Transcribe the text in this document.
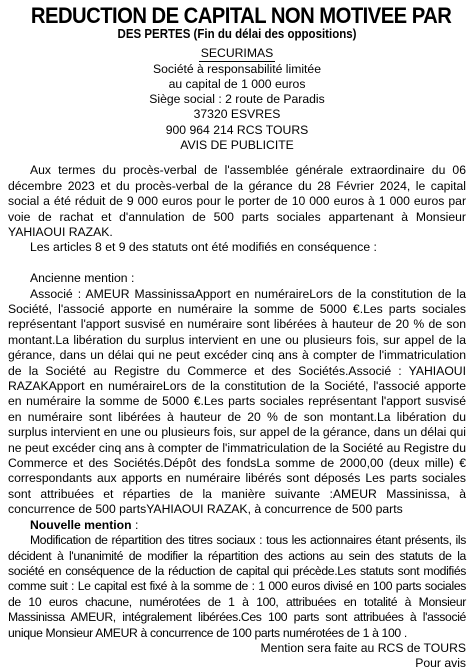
REDUCTION DE CAPITAL NON MOTIVEE PAR

DES PERTES (Fin du délai des oppositions)

SECURIMAS
Société à responsabilité limitée
au capital de 1 000 euros
Siège social : 2 route de Paradis
37320 ESVRES
900 964 214 RCS TOURS
AVIS DE PUBLICITE

Aux termes du procès-verbal de l'assemblée générale extraordinaire du 06 décembre 2023 et du procès-verbal de la gérance du 28 Février 2024, le capital social a été réduit de 9 000 euros pour le porter de 10 000 euros à 1 000 euros par voie de rachat et d'annulation de 500 parts sociales appartenant à Monsieur YAHIAOUI RAZAK.

Les articles 8 et 9 des statuts ont été modifiés en conséquence :

Ancienne mention :

Associé : AMEUR MassinissaApport en numéraireLors de la constitution de la Société, l'associé apporte en numéraire la somme de 5000 €.Les parts sociales représentant l'apport susvisé en numéraire sont libérées à hauteur de 20 % de son montant.La libération du surplus intervient en une ou plusieurs fois, sur appel de la gérance, dans un délai qui ne peut excéder cinq ans à compter de l'immatriculation de la Société au Registre du Commerce et des Sociétés.Associé : YAHIAOUI RAZAKApport en numéraireLors de la constitution de la Société, l'associé apporte en numéraire la somme de 5000 €.Les parts sociales représentant l'apport susvisé en numéraire sont libérées à hauteur de 20 % de son montant.La libération du surplus intervient en une ou plusieurs fois, sur appel de la gérance, dans un délai qui ne peut excéder cinq ans à compter de l'immatriculation de la Société au Registre du Commerce et des Sociétés.Dépôt des fondsLa somme de 2000,00 (deux mille) € correspondants aux apports en numéraire libérés sont déposés Les parts sociales sont attribuées et réparties de la manière suivante :AMEUR Massinissa, à concurrence de 500 partsYAHIAOUI RAZAK, à concurrence de 500 parts

Nouvelle mention :

Modification de répartition des titres sociaux : tous les actionnaires étant présents, ils décident à l'unanimité de modifier la répartition des actions au sein des statuts de la société en conséquence de la réduction de capital qui précède.Les statuts sont modifiés comme suit : Le capital est fixé à la somme de : 1 000 euros divisé en 100 parts sociales de 10 euros chacune, numérotées de 1 à 100, attribuées en totalité à Monsieur Massinissa AMEUR, intégralement libérées.Ces 100 parts sont attribuées à l'associé unique Monsieur AMEUR à concurrence de 100 parts numérotées de 1 à 100 .

Mention sera faite au RCS de TOURS

Pour avis
